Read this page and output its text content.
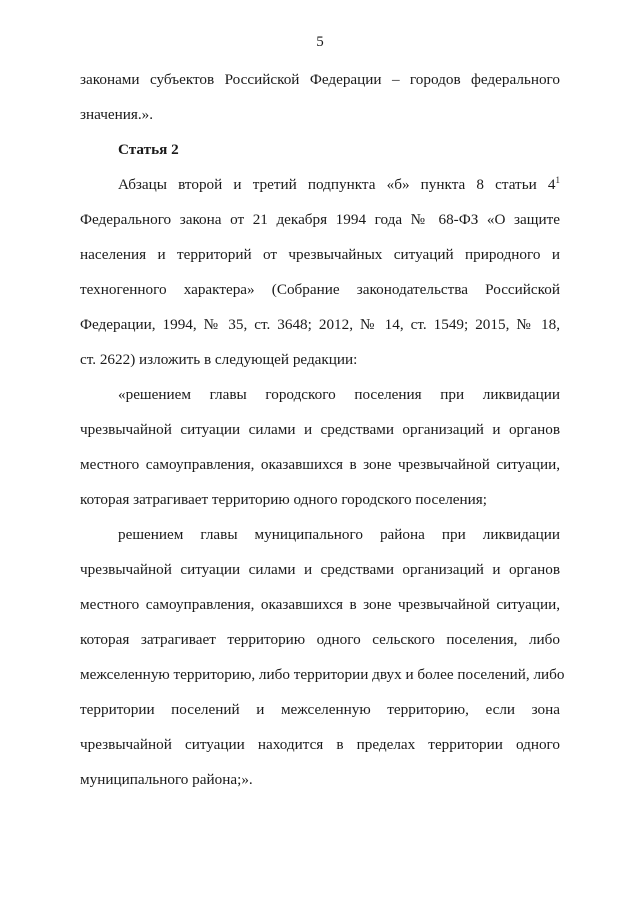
5
законами субъектов Российской Федерации – городов федерального
значения.».
Статья 2
Абзацы второй и третий подпункта «б» пункта 8 статьи $4^1$
Федерального закона от 21 декабря 1994 года № 68-ФЗ «О защите
населения и территорий от чрезвычайных ситуаций природного и
техногенного характера» (Собрание законодательства Российской
Федерации, 1994, № 35, ст. 3648; 2012, № 14, ст. 1549; 2015, № 18,
ст. 2622) изложить в следующей редакции:
«решением главы городского поселения при ликвидации
чрезвычайной ситуации силами и средствами организаций и органов
местного самоуправления, оказавшихся в зоне чрезвычайной ситуации,
которая затрагивает территорию одного городского поселения;
решением главы муниципального района при ликвидации
чрезвычайной ситуации силами и средствами организаций и органов
местного самоуправления, оказавшихся в зоне чрезвычайной ситуации,
которая затрагивает территорию одного сельского поселения, либо
межселенную территорию, либо территории двух и более поселений, либо
территории поселений и межселенную территорию, если зона
чрезвычайной ситуации находится в пределах территории одного
муниципального района;».
